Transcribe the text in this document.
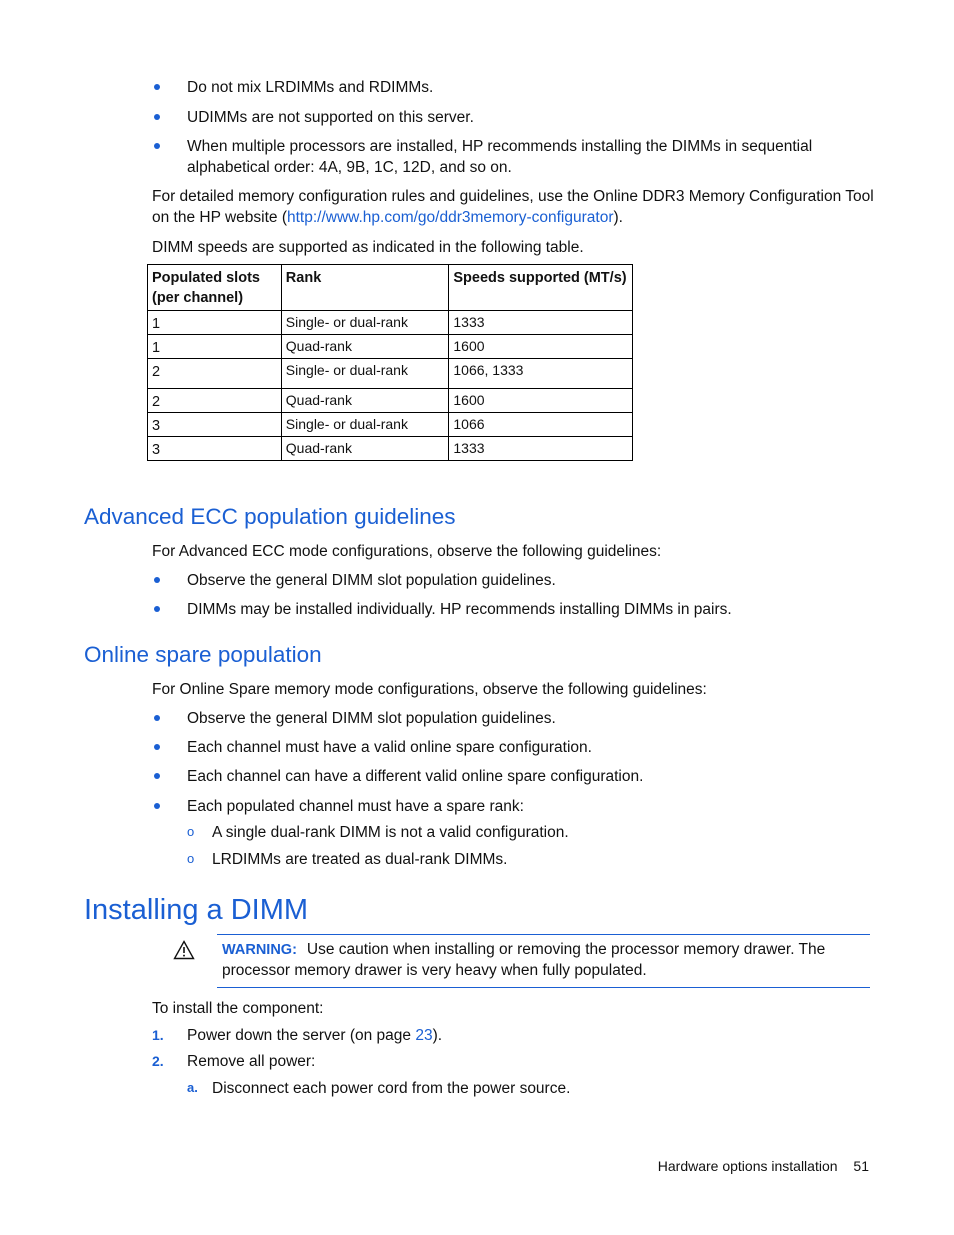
Do not mix LRDIMMs and RDIMMs.
UDIMMs are not supported on this server.
When multiple processors are installed, HP recommends installing the DIMMs in sequential
alphabetical order: 4A, 9B, 1C, 12D, and so on.
For detailed memory configuration rules and guidelines, use the Online DDR3 Memory Configuration Tool
on the HP website (http://www.hp.com/go/ddr3memory-configurator).
DIMM speeds are supported as indicated in the following table.
Populated slots
(per channel)	Rank	Speeds supported (MT/s)
1	Single- or dual-rank	1333
1	Quad-rank	1600
2	Single- or dual-rank	1066, 1333
2	Quad-rank	1600
3	Single- or dual-rank	1066
3	Quad-rank	1333
Advanced ECC population guidelines
For Advanced ECC mode configurations, observe the following guidelines:
Observe the general DIMM slot population guidelines.
DIMMs may be installed individually. HP recommends installing DIMMs in pairs.
Online spare population
For Online Spare memory mode configurations, observe the following guidelines:
Observe the general DIMM slot population guidelines.
Each channel must have a valid online spare configuration.
Each channel can have a different valid online spare configuration.
Each populated channel must have a spare rank:
o A single dual-rank DIMM is not a valid configuration.
o LRDIMMs are treated as dual-rank DIMMs.
Installing a DIMM
WARNING: Use caution when installing or removing the processor memory drawer. The
processor memory drawer is very heavy when fully populated.
To install the component:
1. Power down the server (on page 23).
2. Remove all power:
a. Disconnect each power cord from the power source.
Hardware options installation 51
